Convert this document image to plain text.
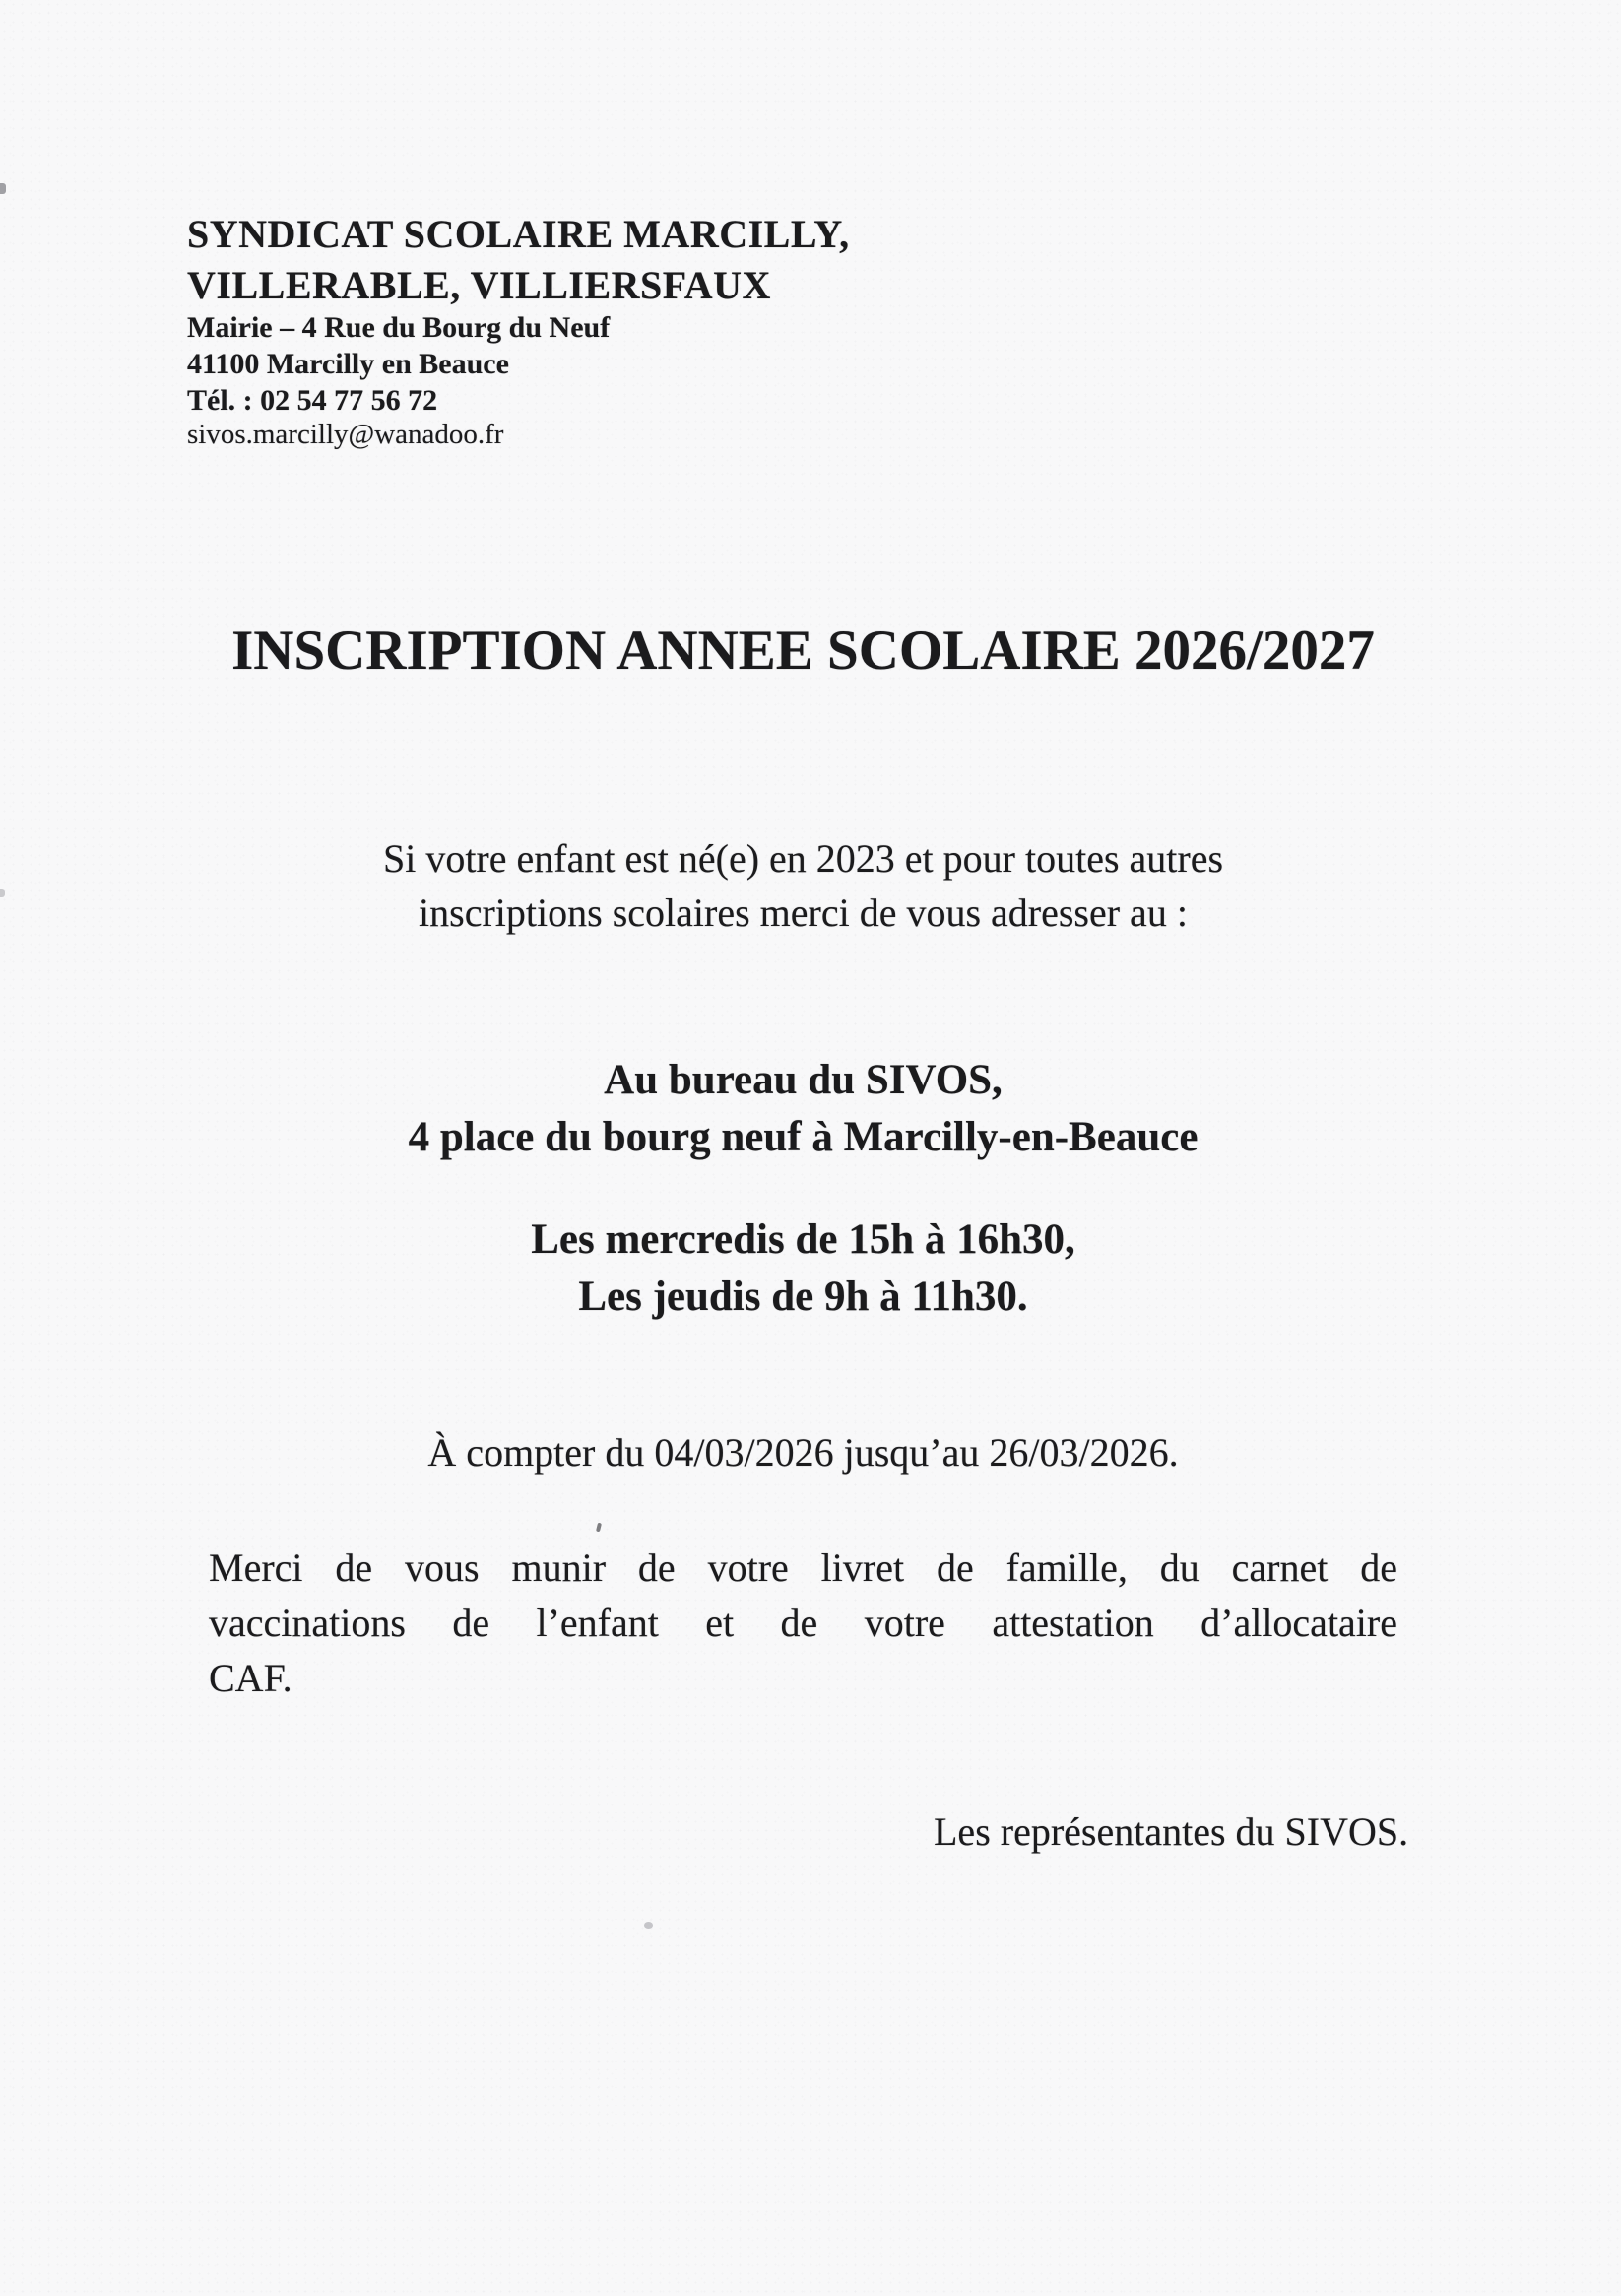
SYNDICAT SCOLAIRE MARCILLY,
VILLERABLE, VILLIERSFAUX
Mairie – 4 Rue du Bourg du Neuf
41100 Marcilly en Beauce
Tél. : 02 54 77 56 72
sivos.marcilly@wanadoo.fr
INSCRIPTION ANNEE SCOLAIRE 2026/2027
Si votre enfant est né(e) en 2023 et pour toutes autres
inscriptions scolaires merci de vous adresser au :
Au bureau du SIVOS,
4 place du bourg neuf à Marcilly-en-Beauce
Les mercredis de 15h à 16h30,
Les jeudis de 9h à 11h30.
À compter du 04/03/2026 jusqu’au 26/03/2026.
Merci de vous munir de votre livret de famille, du carnet de
vaccinations de l’enfant et de votre attestation d’allocataire
CAF.
Les représentantes du SIVOS.
